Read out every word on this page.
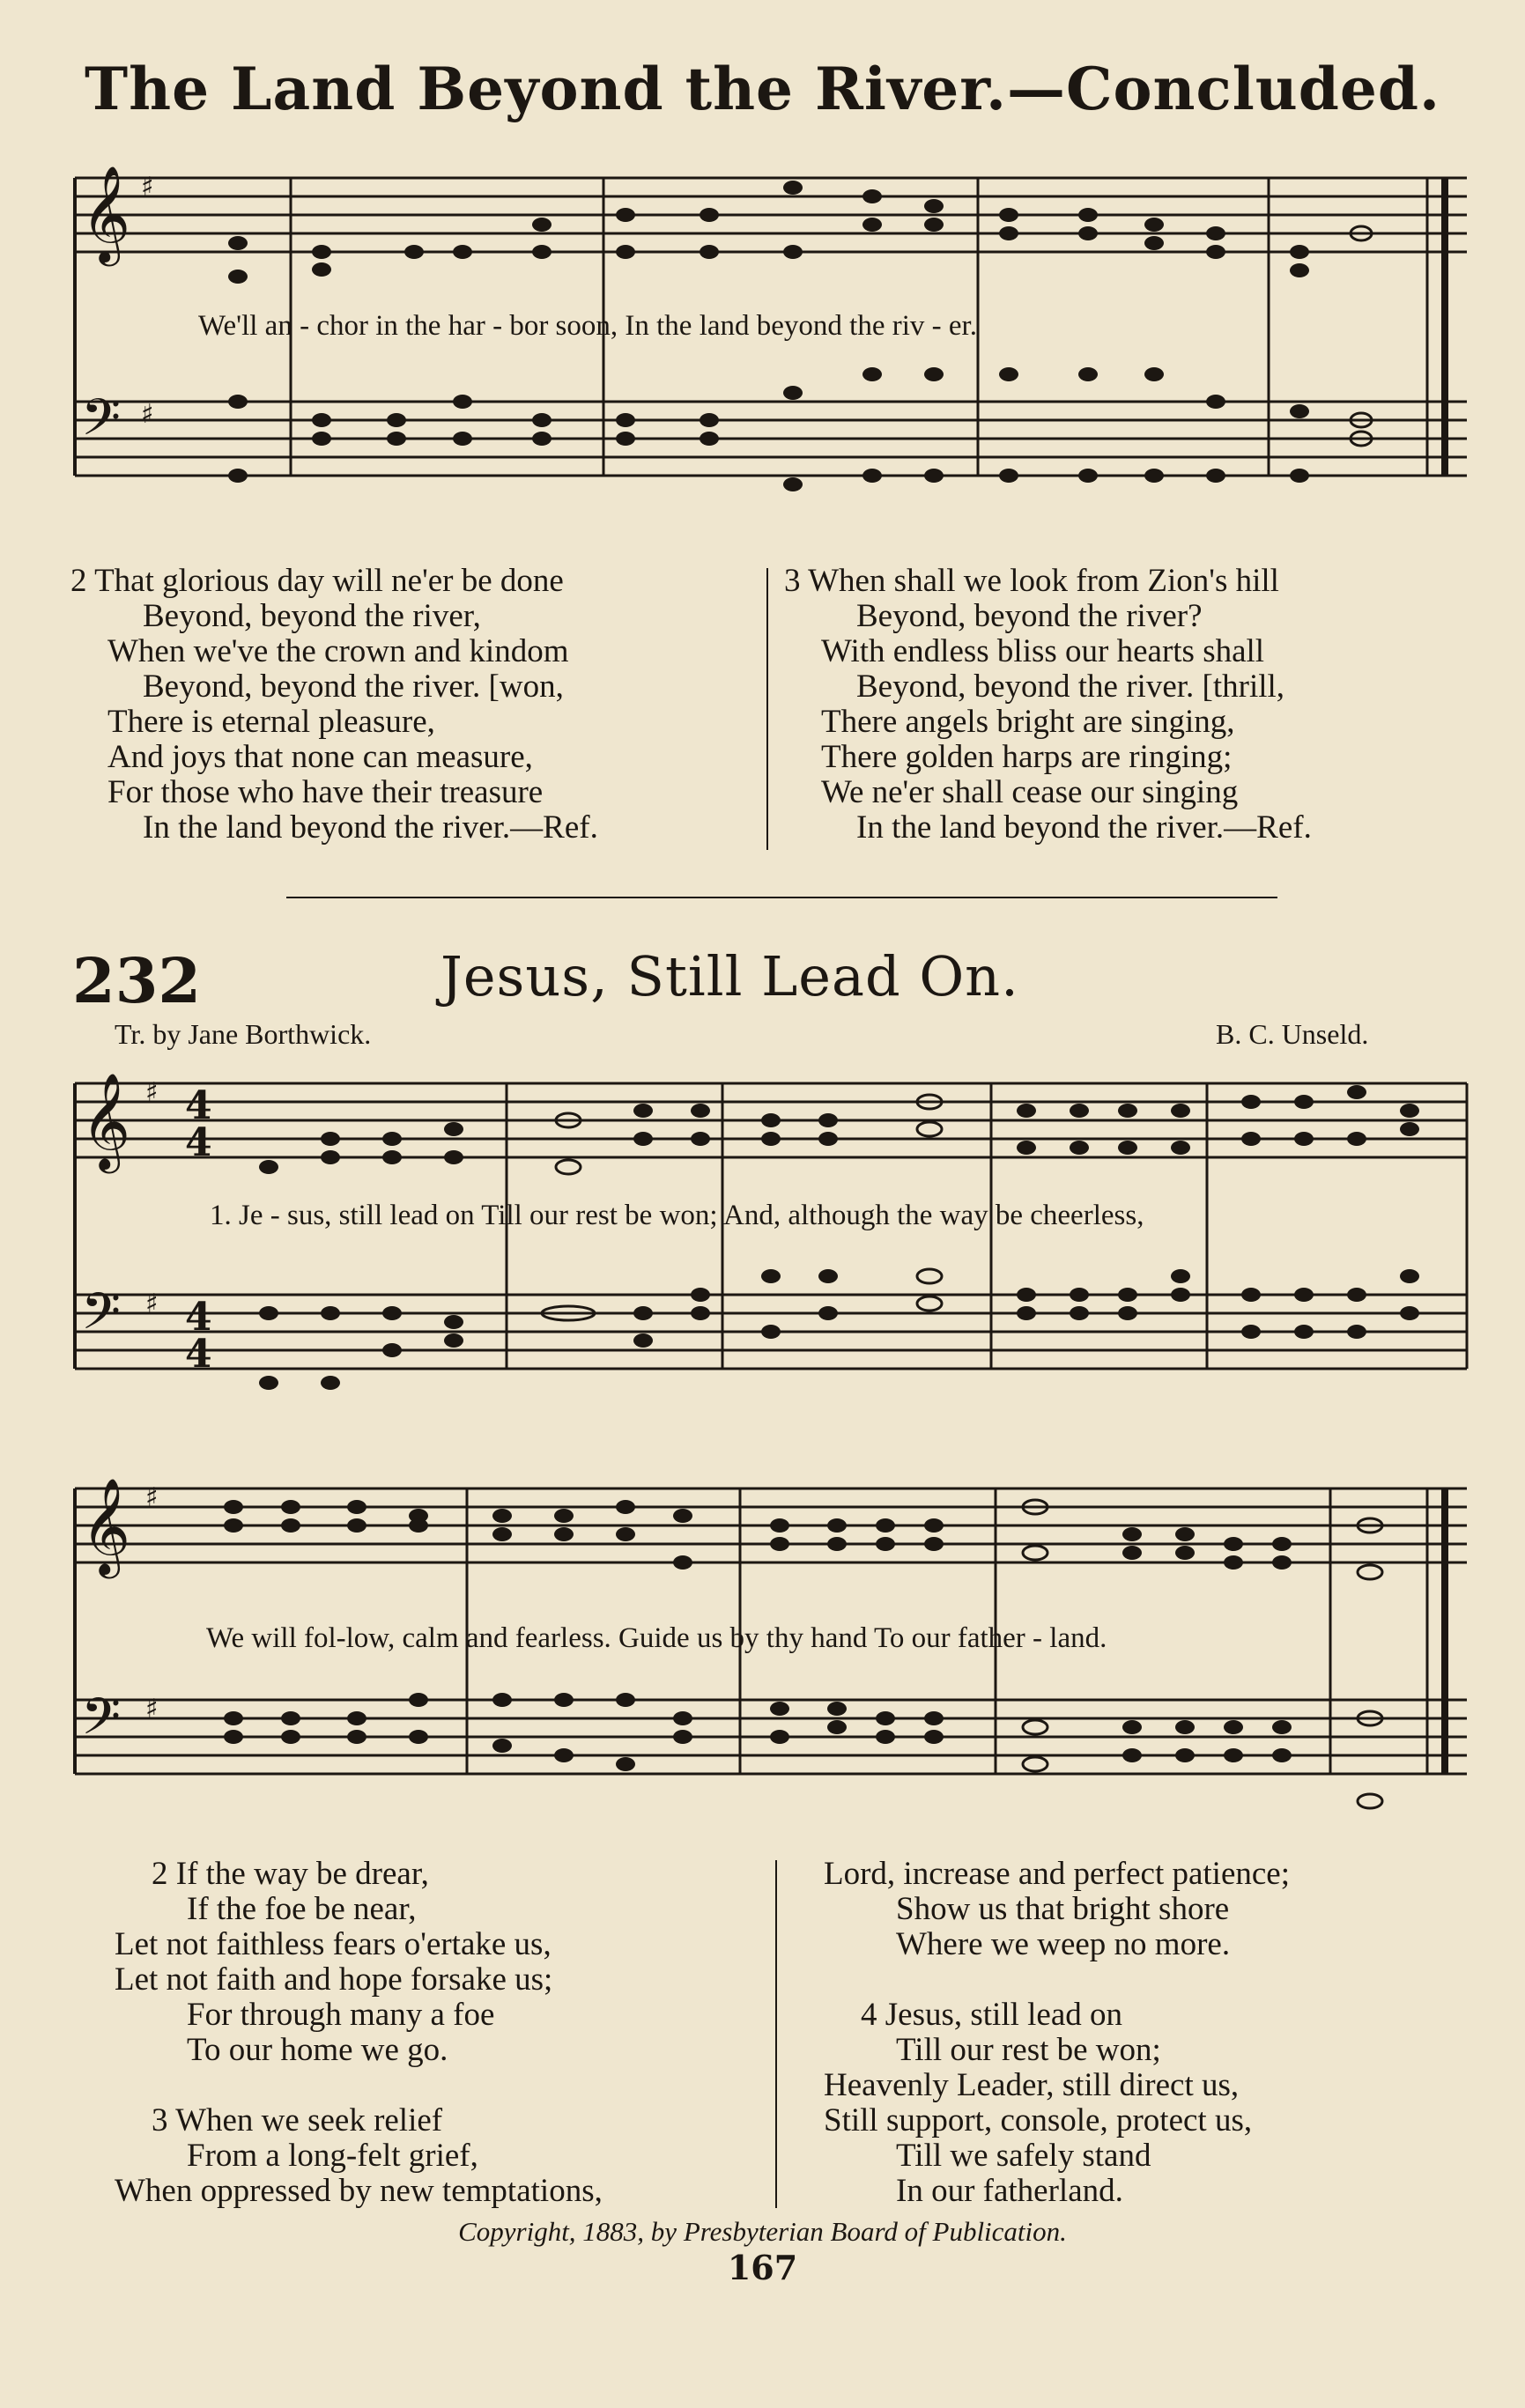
The Land Beyond the River.—Concluded.
𝄞
𝄢
♯
♯
We'll an - chor in the har - bor soon, In the land beyond the riv - er.
2 That glorious day will ne'er be done
Beyond, beyond the river,
When we've the crown and kindom
Beyond, beyond the river. [won,
There is eternal pleasure,
And joys that none can measure,
For those who have their treasure
In the land beyond the river.—Ref.
3 When shall we look from Zion's hill
Beyond, beyond the river?
With endless bliss our hearts shall
Beyond, beyond the river. [thrill,
There angels bright are singing,
There golden harps are ringing;
We ne'er shall cease our singing
In the land beyond the river.—Ref.
232	Jesus, Still Lead On.
Tr. by Jane Borthwick.	B. C. Unseld.
𝄞
𝄢
♯
♯
4
4
4
4
1. Je - sus, still lead on Till our rest be won; And, although the way be cheerless,
𝄞
𝄢
♯
♯
We will fol-low, calm and fearless. Guide us by thy hand To our father - land.
2 If the way be drear,
If the foe be near,
Let not faithless fears o'ertake us,
Let not faith and hope forsake us;
For through many a foe
To our home we go.
3 When we seek relief
From a long-felt grief,
When oppressed by new temptations,
Lord, increase and perfect patience;
Show us that bright shore
Where we weep no more.
4 Jesus, still lead on
Till our rest be won;
Heavenly Leader, still direct us,
Still support, console, protect us,
Till we safely stand
In our fatherland.
Copyright, 1883, by Presbyterian Board of Publication.
167
